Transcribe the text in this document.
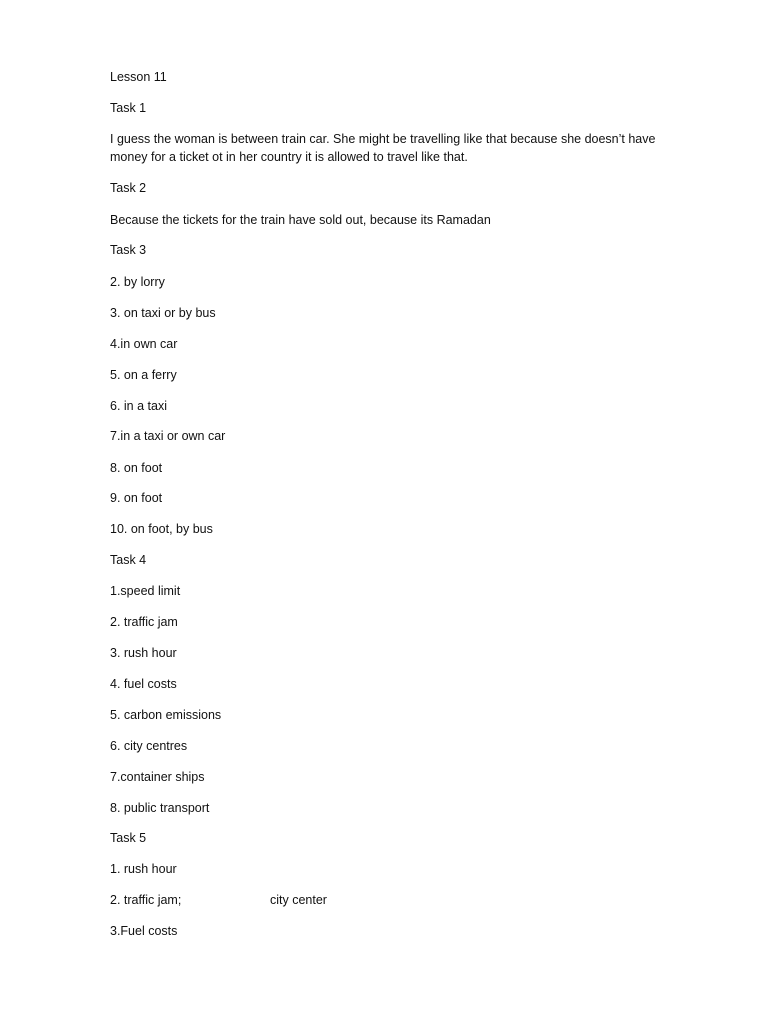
Lesson 11
Task 1
I guess the woman is between train car. She might be travelling like that because she doesn’t have
money for a ticket ot in her country it is allowed to travel like that.
Task 2
Because the tickets for the train have sold out, because its Ramadan
Task 3
2. by lorry
3. on taxi or by bus
4.in own car
5. on a ferry
6. in a taxi
7.in a taxi or own car
8. on foot
9. on foot
10. on foot, by bus
Task 4
1.speed limit
2. traffic jam
3. rush hour
4. fuel costs
5. carbon emissions
6. city centres
7.container ships
8. public transport
Task 5
1. rush hour
2. traffic jam;	city center
3.Fuel costs
